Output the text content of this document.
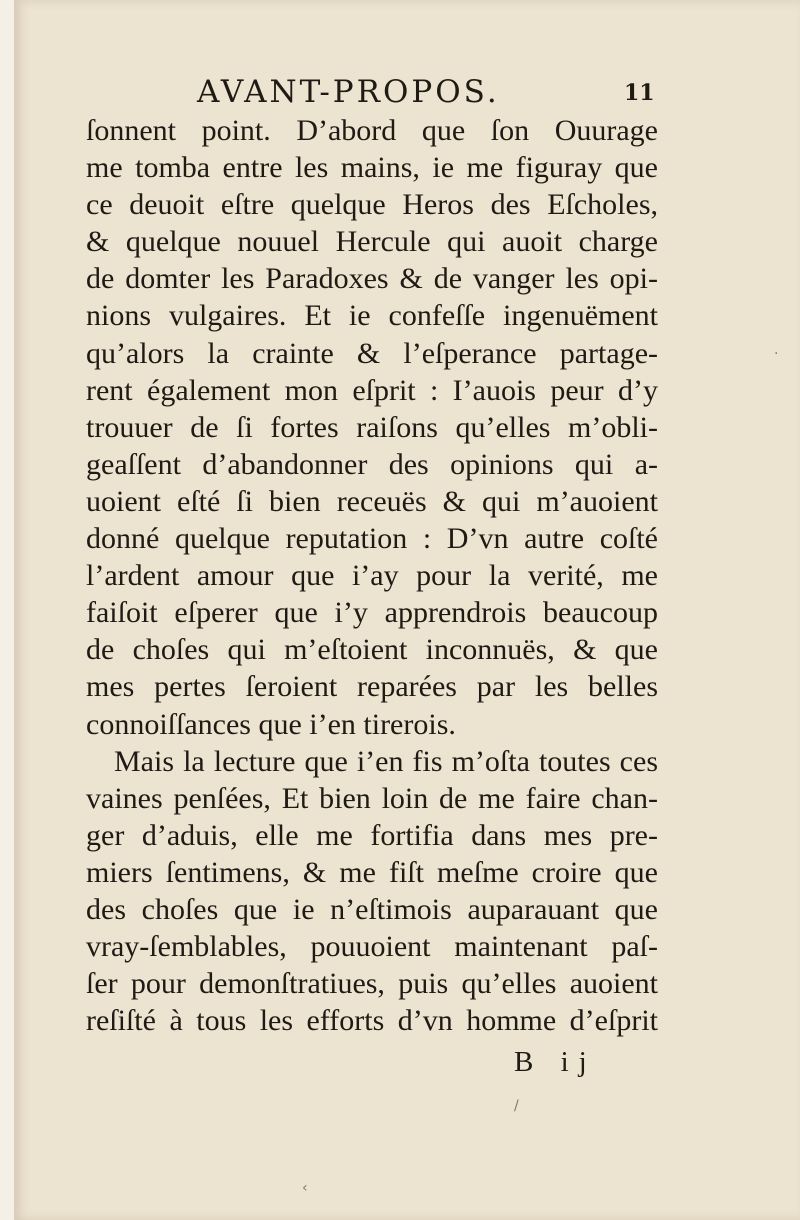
AVANT-PROPOS.	11
ſonnent point. D’abord que ſon Ouurage
me tomba entre les mains, ie me figuray que
ce deuoit eſtre quelque Heros des Eſcholes,
& quelque nouuel Hercule qui auoit charge
de domter les Paradoxes & de vanger les opi-
nions vulgaires. Et ie confeſſe ingenuëment
qu’alors la crainte & l’eſperance partage-
rent également mon eſprit : I’auois peur d’y
trouuer de ſi fortes raiſons qu’elles m’obli-
geaſſent d’abandonner des opinions qui a-
uoient eſté ſi bien receuës & qui m’auoient
donné quelque reputation : D’vn autre coſté
l’ardent amour que i’ay pour la verité, me
faiſoit eſperer que i’y apprendrois beaucoup
de choſes qui m’eſtoient inconnuës, & que
mes pertes ſeroient reparées par les belles
connoiſſances que i’en tirerois.
Mais la lecture que i’en fis m’oſta toutes ces
vaines penſées, Et bien loin de me faire chan-
ger d’aduis, elle me fortifia dans mes pre-
miers ſentimens, & me fiſt meſme croire que
des choſes que ie n’eſtimois auparauant que
vray-ſemblables, pouuoient maintenant paſ-
ſer pour demonſtratiues, puis qu’elles auoient
reſiſté à tous les efforts d’vn homme d’eſprit
B ij
·
/
‹
